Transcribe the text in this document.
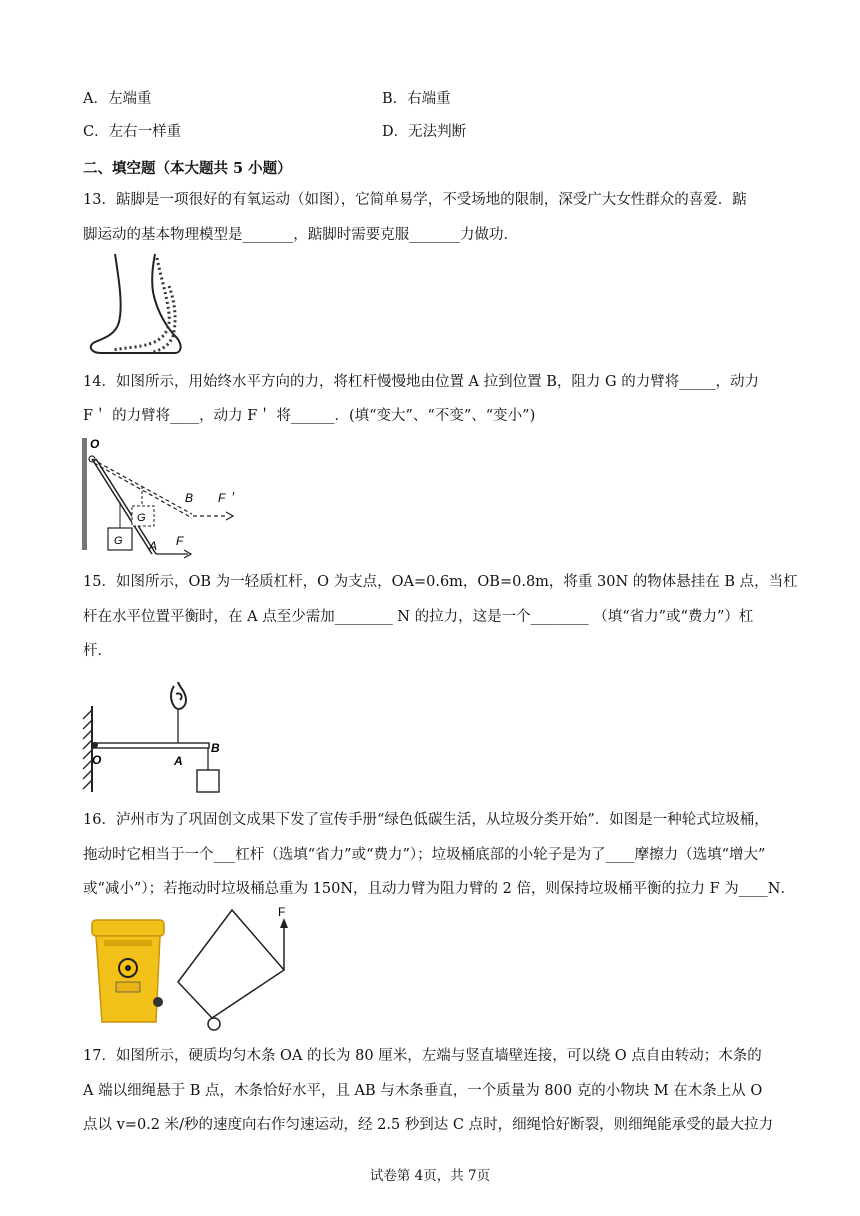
A．左端重	B．右端重
C．左右一样重	D．无法判断
二、填空题（本大题共 5 小题）
13．踮脚是一项很好的有氧运动（如图），它简单易学，不受场地的限制，深受广大女性群众的喜爱．踮
脚运动的基本物理模型是_______，踮脚时需要克服_______力做功．
14．如图所示，用始终水平方向的力，将杠杆慢慢地由位置 A 拉到位置 B，阻力 G 的力臂将_____，动力
F＇ 的力臂将____，动力 F＇ 将______．(填“变大”、“不变”、“变小”)
O
G
G
B F＇
A F
15．如图所示，OB 为一轻质杠杆，O 为支点，OA=0.6m，OB=0.8m，将重 30N 的物体悬挂在 B 点，当杠
杆在水平位置平衡时，在 A 点至少需加________ N 的拉力，这是一个________ （填“省力”或“费力”）杠
杆．
O	A
B
16．泸州市为了巩固创文成果下发了宣传手册“绿色低碳生活，从垃圾分类开始”．如图是一种轮式垃圾桶，
拖动时它相当于一个___杠杆（选填“省力”或“费力”）；垃圾桶底部的小轮子是为了____摩擦力（选填“增大”
或“减小”）；若拖动时垃圾桶总重为 150N，且动力臂为阻力臂的 2 倍，则保持垃圾桶平衡的拉力 F 为____N．
F
17．如图所示，硬质均匀木条 OA 的长为 80 厘米，左端与竖直墙壁连接，可以绕 O 点自由转动；木条的
A 端以细绳悬于 B 点，木条恰好水平，且 AB 与木条垂直，一个质量为 800 克的小物块 M 在木条上从 O
点以 v=0.2 米/秒的速度向右作匀速运动，经 2.5 秒到达 C 点时，细绳恰好断裂，则细绳能承受的最大拉力
试卷第 4页，共 7页
